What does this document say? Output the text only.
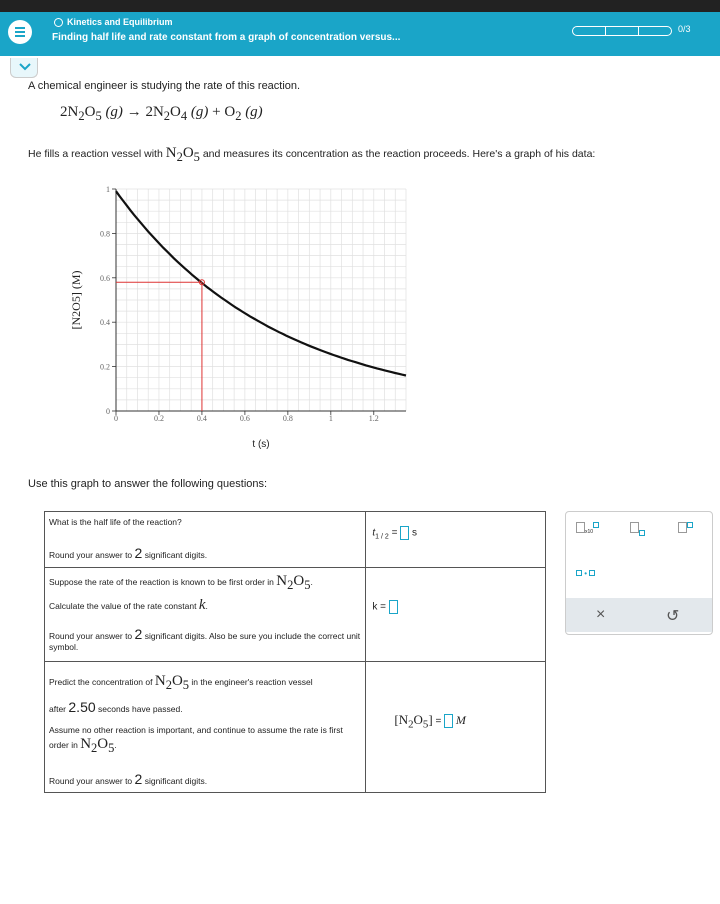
Kinetics and Equilibrium
Finding half life and rate constant from a graph of concentration versus...
0/3
A chemical engineer is studying the rate of this reaction.
$2N_2O_5$ $(g) \to 2N_2O_4$ $(g) + O_2$ (g)
He fills a reaction vessel with $N_2O_5$ and measures its concentration as the reaction proceeds. Here's a graph of his data:
0	0.2	0.4	0.6	0.8	1	1.2
0
0.2
0.4
0.6
0.8
1
t (s)
[N2O5] (M)
Use this graph to answer the following questions:
What is the half life of the reaction?
Round your answer to 2 significant digits.	$t_{1 / 2} = s$

Suppose the rate of the reaction is known to be first order in $N_2O_5$.
Calculate the value of the rate constant k.
Round your answer to 2 significant digits. Also be sure you include the correct unit symbol.	k =

Predict the concentration of $N_2O_5$ in the engineer's reaction vessel
after 2.50 seconds have passed.
Assume no other reaction is important, and continue to assume the rate is first order in $N_2O_5$.
Round your answer to 2 significant digits.	$[N_2O_5] = M$
x10
•
×	↺
